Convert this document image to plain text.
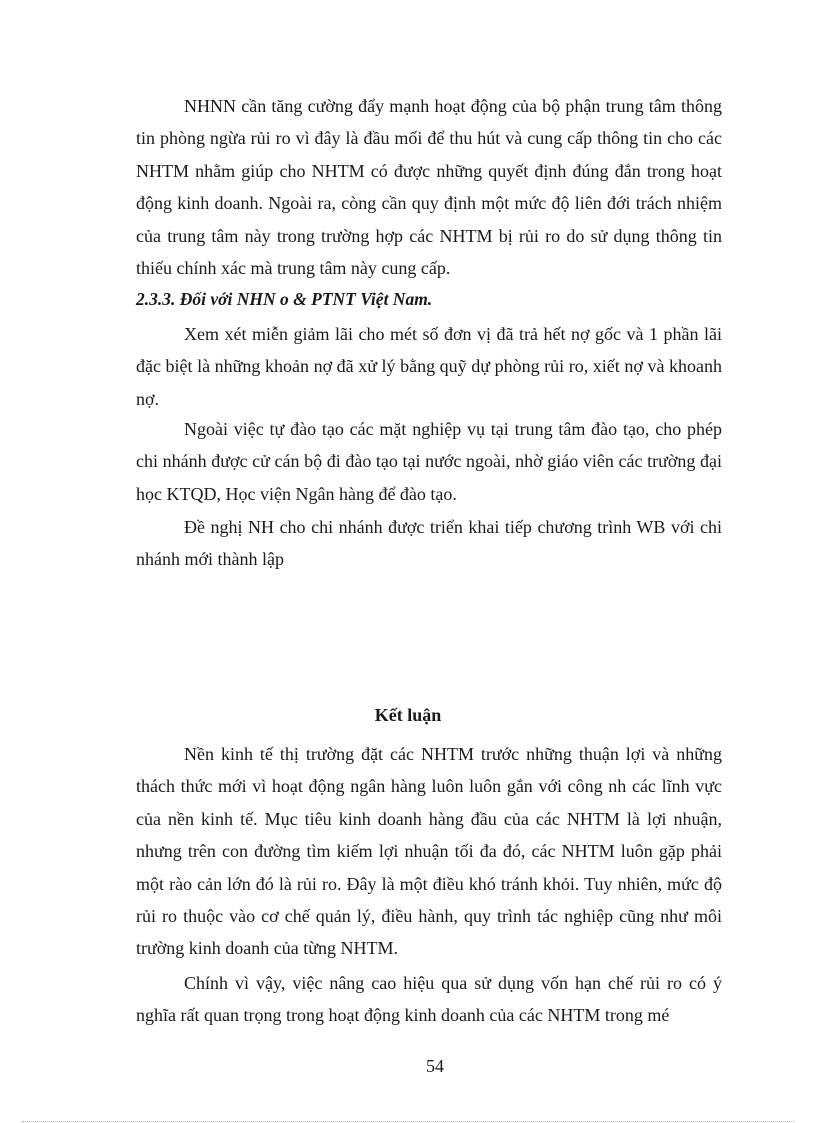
NHNN cần tăng cường đẩy mạnh hoạt động của bộ phận trung tâm thông tin phòng ngừa rủi ro vì đây là đầu mối để thu hút và cung cấp thông tin cho các NHTM nhằm giúp cho NHTM có được những quyết định đúng đắn trong hoạt động kinh doanh. Ngoài ra, còng cần quy định một mức độ liên đới trách nhiệm của trung tâm này trong trường hợp các NHTM bị rủi ro do sử dụng thông tin thiếu chính xác mà trung tâm này cung cấp.

2.3.3. Đối với NHN o & PTNT Việt Nam.

Xem xét miễn giảm lãi cho mét số đơn vị đã trả hết nợ gốc và 1 phần lãi đặc biệt là những khoản nợ đã xử lý bằng quỹ dự phòng rủi ro, xiết nợ và khoanh nợ.

Ngoài việc tự đào tạo các mặt nghiệp vụ tại trung tâm đào tạo, cho phép chi nhánh được cử cán bộ đi đào tạo tại nước ngoài, nhờ giáo viên các trường đại học KTQD, Học viện Ngân hàng để đào tạo.

Đề nghị NH cho chi nhánh được triển khai tiếp chương trình WB với chi nhánh mới thành lập

Kết luận

Nền kinh tế thị trường đặt các NHTM trước những thuận lợi và những thách thức mới vì hoạt động ngân hàng luôn luôn gắn với công nh các lĩnh vực của nền kinh tế. Mục tiêu kinh doanh hàng đầu của các NHTM là lợi nhuận, nhưng trên con đường tìm kiếm lợi nhuận tối đa đó, các NHTM luôn gặp phải một rào cản lớn đó là rủi ro. Đây là một điều khó tránh khỏi. Tuy nhiên, mức độ rủi ro thuộc vào cơ chế quản lý, điều hành, quy trình tác nghiệp cũng như môi trường kinh doanh của từng NHTM.

Chính vì vậy, việc nâng cao hiệu qua sử dụng vốn hạn chế rủi ro có ý nghĩa rất quan trọng trong hoạt động kinh doanh của các NHTM trong mé

54
